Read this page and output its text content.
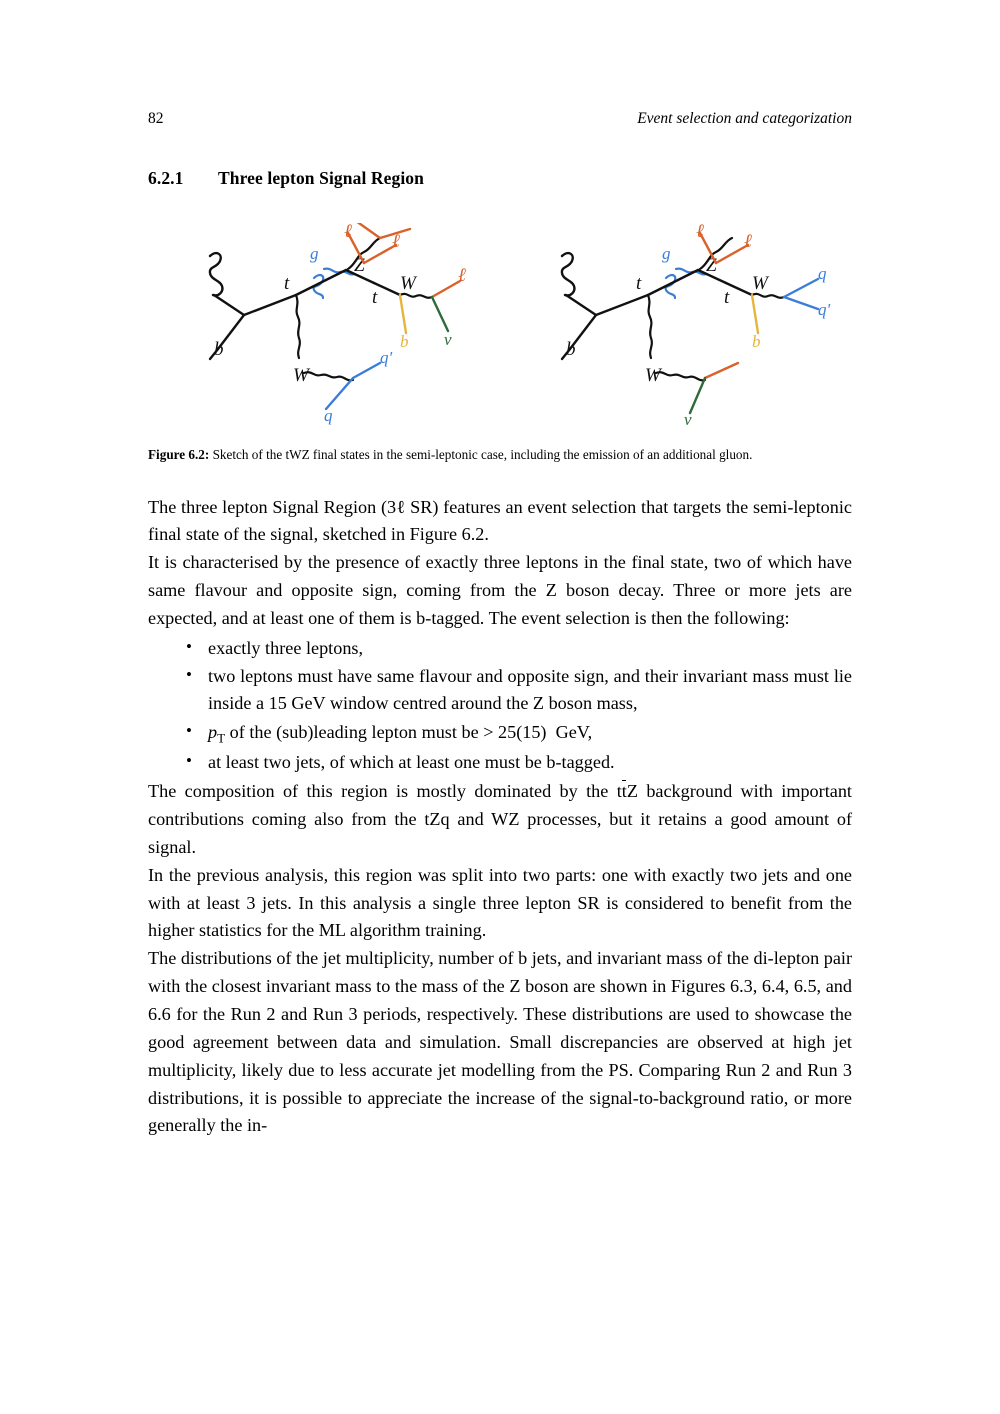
82	Event selection and categorization
6.2.1 Three lepton Signal Region
b
t
W
q
q'
g
Z
ℓ ℓ
t
W ℓ
ν
b	b
t
W
ν
g
Z
ℓ ℓ
t
W	q
q'
b
Figure 6.2: Sketch of the tWZ final states in the semi-leptonic case, including the emission of an additional gluon.

The three lepton Signal Region (3ℓ SR) features an event selection that targets the semi-leptonic final state of the signal, sketched in Figure 6.2.

It is characterised by the presence of exactly three leptons in the final state, two of which have same flavour and opposite sign, coming from the Z boson decay. Three or more jets are expected, and at least one of them is b-tagged. The event selection is then the following:

• exactly three leptons,
• two leptons must have same flavour and opposite sign, and their invariant mass must lie inside a 15 GeV window centred around the Z boson mass,
• $p_T$ of the (sub)leading lepton must be > 25(15)  GeV,
• at least two jets, of which at least one must be b-tagged.

The composition of this region is mostly dominated by the ttZ background with important contributions coming also from the tZq and WZ processes, but it retains a good amount of signal.

In the previous analysis, this region was split into two parts: one with exactly two jets and one with at least 3 jets. In this analysis a single three lepton SR is considered to benefit from the higher statistics for the ML algorithm training.

The distributions of the jet multiplicity, number of b jets, and invariant mass of the di-lepton pair with the closest invariant mass to the mass of the Z boson are shown in Figures 6.3, 6.4, 6.5, and 6.6 for the Run 2 and Run 3 periods, respectively. These distributions are used to showcase the good agreement between data and simulation. Small discrepancies are observed at high jet multiplicity, likely due to less accurate jet modelling from the PS. Comparing Run 2 and Run 3 distributions, it is possible to appreciate the increase of the signal-to-background ratio, or more generally the in-
